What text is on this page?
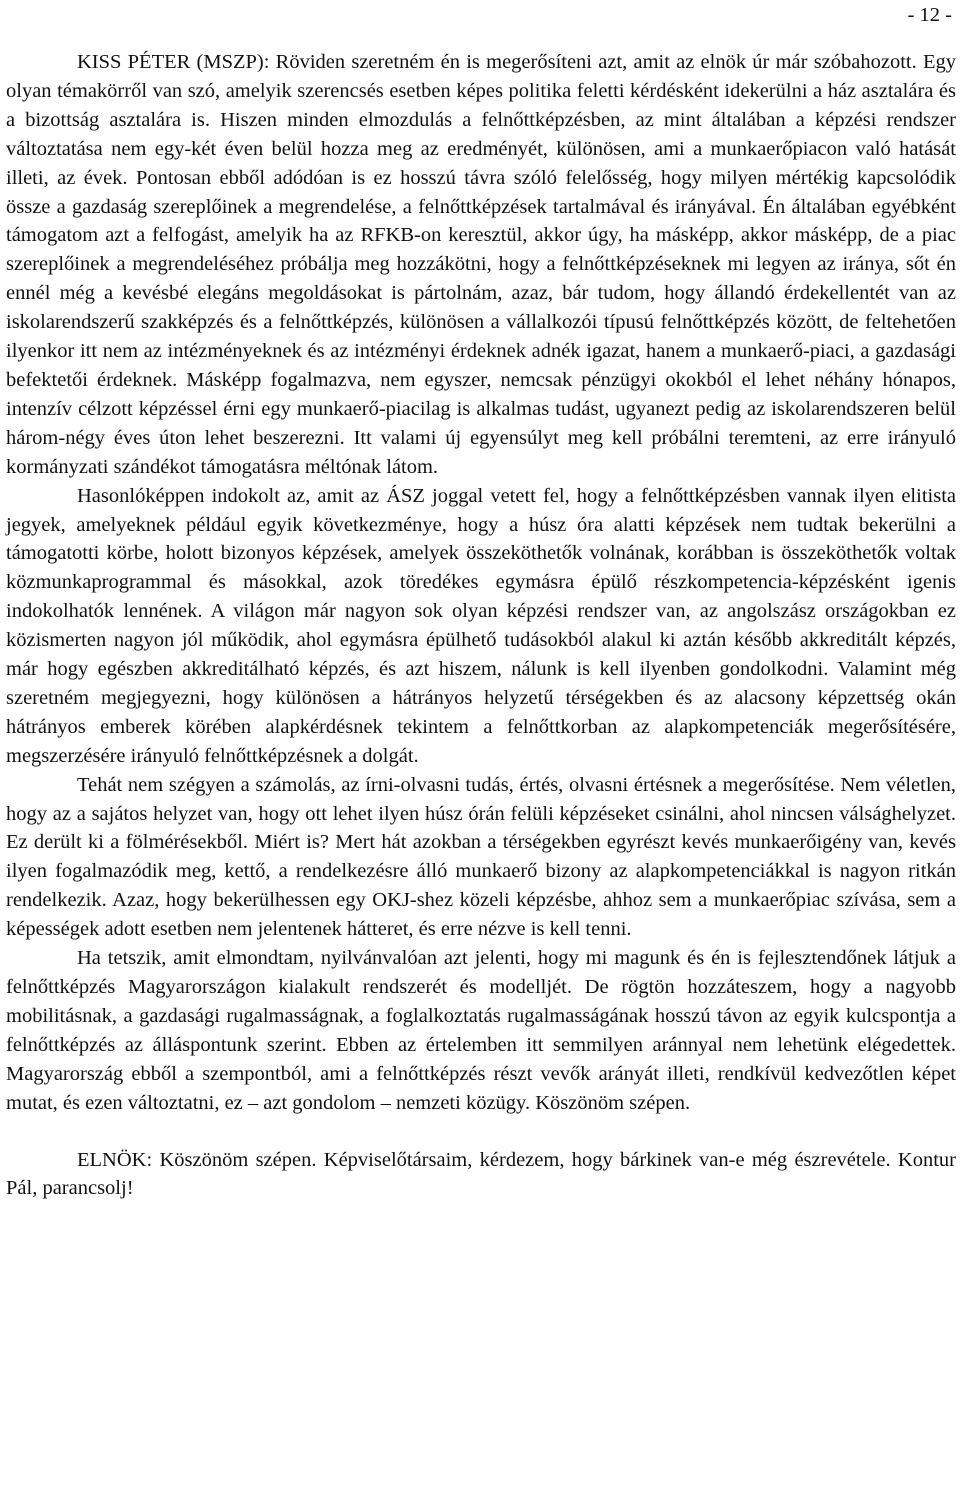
- 12 -

KISS PÉTER (MSZP): Röviden szeretném én is megerősíteni azt, amit az elnök úr már szóbahozott. Egy olyan témakörről van szó, amelyik szerencsés esetben képes politika feletti kérdésként idekerülni a ház asztalára és a bizottság asztalára is. Hiszen minden elmozdulás a felnőttképzésben, az mint általában a képzési rendszer változtatása nem egy-két éven belül hozza meg az eredményét, különösen, ami a munkaerőpiacon való hatását illeti, az évek. Pontosan ebből adódóan is ez hosszú távra szóló felelősség, hogy milyen mértékig kapcsolódik össze a gazdaság szereplőinek a megrendelése, a felnőttképzések tartalmával és irányával. Én általában egyébként támogatom azt a felfogást, amelyik ha az RFKB-on keresztül, akkor úgy, ha másképp, akkor másképp, de a piac szereplőinek a megrendeléséhez próbálja meg hozzákötni, hogy a felnőttképzéseknek mi legyen az iránya, sőt én ennél még a kevésbé elegáns megoldásokat is pártolnám, azaz, bár tudom, hogy állandó érdekellentét van az iskolarendszerű szakképzés és a felnőttképzés, különösen a vállalkozói típusú felnőttképzés között, de feltehetően ilyenkor itt nem az intézményeknek és az intézményi érdeknek adnék igazat, hanem a munkaerő-piaci, a gazdasági befektetői érdeknek. Másképp fogalmazva, nem egyszer, nemcsak pénzügyi okokból el lehet néhány hónapos, intenzív célzott képzéssel érni egy munkaerő-piacilag is alkalmas tudást, ugyanezt pedig az iskolarendszeren belül három-négy éves úton lehet beszerezni. Itt valami új egyensúlyt meg kell próbálni teremteni, az erre irányuló kormányzati szándékot támogatásra méltónak látom.

Hasonlóképpen indokolt az, amit az ÁSZ joggal vetett fel, hogy a felnőttképzésben vannak ilyen elitista jegyek, amelyeknek például egyik következménye, hogy a húsz óra alatti képzések nem tudtak bekerülni a támogatotti körbe, holott bizonyos képzések, amelyek összeköthetők volnának, korábban is összeköthetők voltak közmunkaprogrammal és másokkal, azok töredékes egymásra épülő részkompetencia-képzésként igenis indokolhatók lennének. A világon már nagyon sok olyan képzési rendszer van, az angolszász országokban ez közismerten nagyon jól működik, ahol egymásra épülhető tudásokból alakul ki aztán később akkreditált képzés, már hogy egészben akkreditálható képzés, és azt hiszem, nálunk is kell ilyenben gondolkodni. Valamint még szeretném megjegyezni, hogy különösen a hátrányos helyzetű térségekben és az alacsony képzettség okán hátrányos emberek körében alapkérdésnek tekintem a felnőttkorban az alapkompetenciák megerősítésére, megszerzésére irányuló felnőttképzésnek a dolgát.

Tehát nem szégyen a számolás, az írni-olvasni tudás, értés, olvasni értésnek a megerősítése. Nem véletlen, hogy az a sajátos helyzet van, hogy ott lehet ilyen húsz órán felüli képzéseket csinálni, ahol nincsen válsághelyzet. Ez derült ki a fölmérésekből. Miért is? Mert hát azokban a térségekben egyrészt kevés munkaerőigény van, kevés ilyen fogalmazódik meg, kettő, a rendelkezésre álló munkaerő bizony az alapkompetenciákkal is nagyon ritkán rendelkezik. Azaz, hogy bekerülhessen egy OKJ-shez közeli képzésbe, ahhoz sem a munkaerőpiac szívása, sem a képességek adott esetben nem jelentenek hátteret, és erre nézve is kell tenni.

Ha tetszik, amit elmondtam, nyilvánvalóan azt jelenti, hogy mi magunk és én is fejlesztendőnek látjuk a felnőttképzés Magyarországon kialakult rendszerét és modelljét. De rögtön hozzáteszem, hogy a nagyobb mobilitásnak, a gazdasági rugalmasságnak, a foglalkoztatás rugalmasságának hosszú távon az egyik kulcspontja a felnőttképzés az álláspontunk szerint. Ebben az értelemben itt semmilyen aránnyal nem lehetünk elégedettek. Magyarország ebből a szempontból, ami a felnőttképzés részt vevők arányát illeti, rendkívül kedvezőtlen képet mutat, és ezen változtatni, ez – azt gondolom – nemzeti közügy. Köszönöm szépen.

ELNÖK: Köszönöm szépen. Képviselőtársaim, kérdezem, hogy bárkinek van-e még észrevétele. Kontur Pál, parancsolj!
